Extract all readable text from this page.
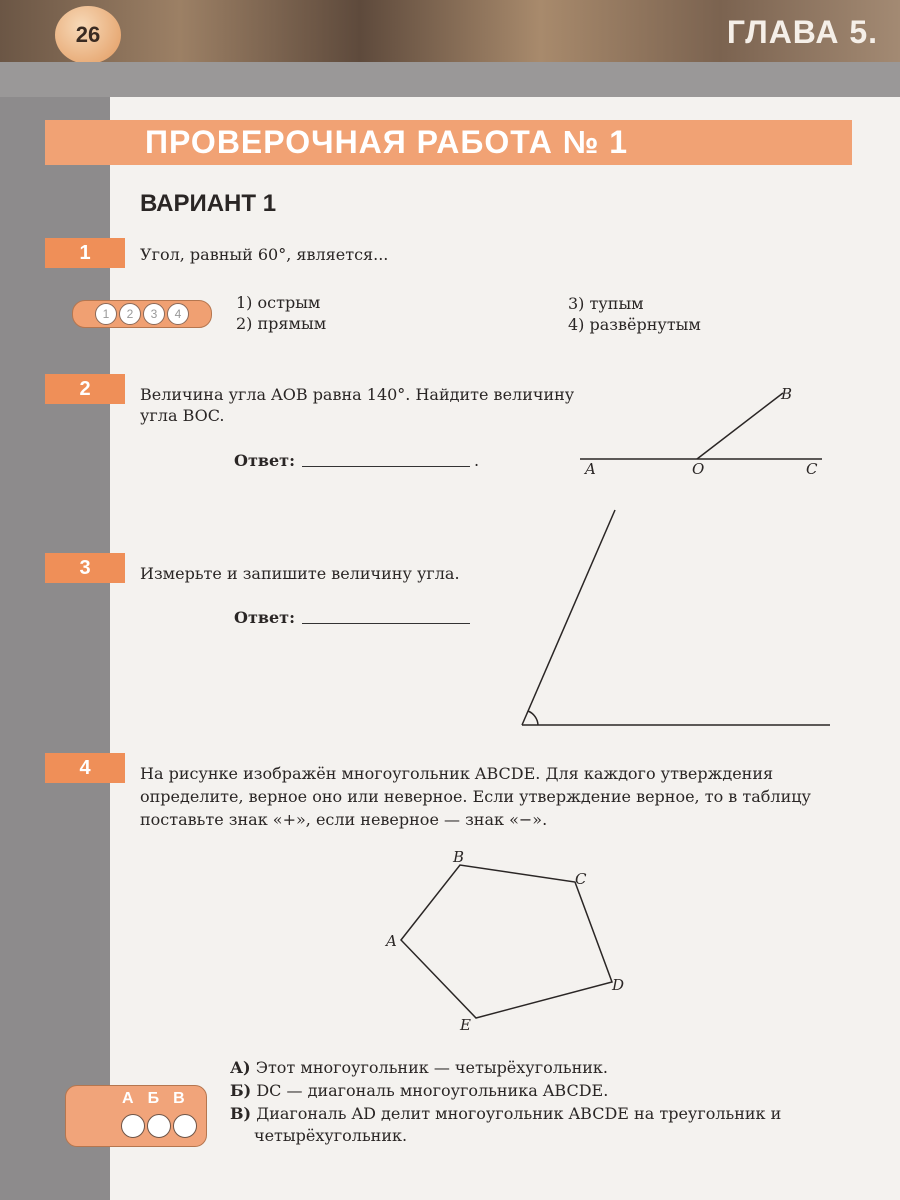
26	ГЛАВА 5.
ПРОВЕРОЧНАЯ РАБОТА № 1
ВАРИАНТ 1
1	Угол, равный 60°, является...
1	2	3	4
1) острым
2) прямым
3) тупым
4) развёрнутым
2	Величина угла AOB равна 140°. Найдите величину
угла BOC.
Ответ:	.
3	Измерьте и запишите величину угла.
Ответ:
4	На рисунке изображён многоугольник ABCDE. Для каждого утверждения
определите, верное оно или неверное. Если утверждение верное, то в таблицу
поставьте знак «+», если неверное — знак «−».
A	O	C
B
A
B
C
D
E
А Б В
А) Этот многоугольник — четырёхугольник.
Б) DC — диагональ многоугольника ABCDE.
В) Диагональ AD делит многоугольник ABCDE на треугольник и
четырёхугольник.
